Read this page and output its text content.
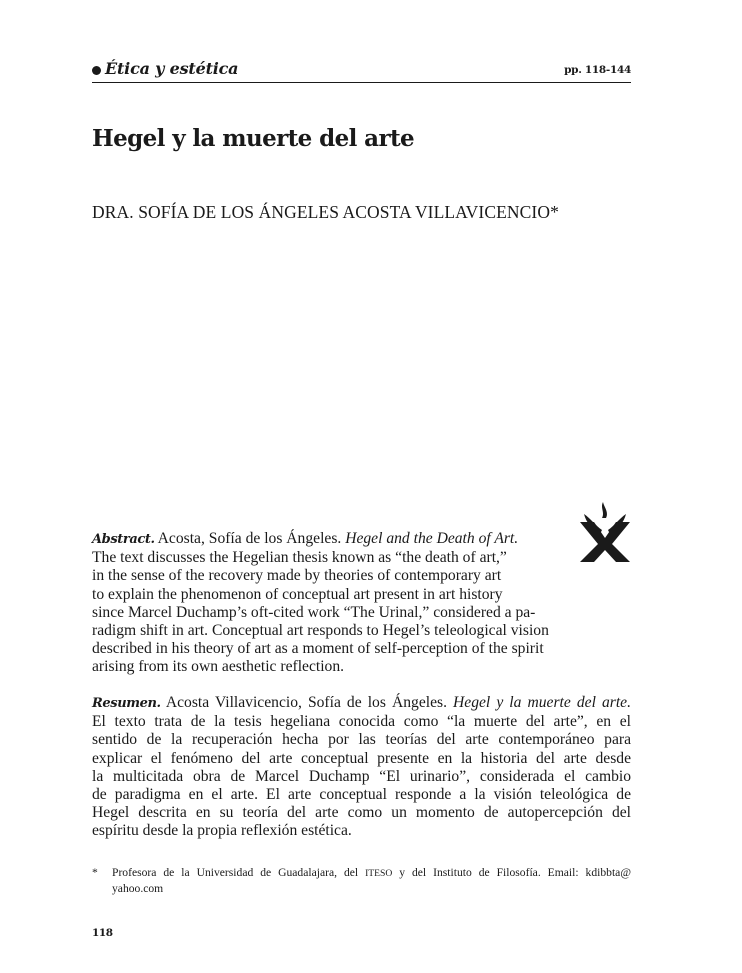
Ética y estética	pp. 118-144
Hegel y la muerte del arte

DRA. SOFÍA DE LOS ÁNGELES ACOSTA VILLAVICENCIO*

Abstract. Acosta, Sofía de los Ángeles. Hegel and the Death of Art.
The text discusses the Hegelian thesis known as “the death of art,”
in the sense of the recovery made by theories of contemporary art
to explain the phenomenon of conceptual art present in art history
since Marcel Duchamp’s oft-cited work “The Urinal,” considered a pa-
radigm shift in art. Conceptual art responds to Hegel’s teleological vision
described in his theory of art as a moment of self-perception of the spirit
arising from its own aesthetic reflection.
Resumen. Acosta Villavicencio, Sofía de los Ángeles. Hegel y la muerte del arte.
El texto trata de la tesis hegeliana conocida como “la muerte del arte”, en el
sentido de la recuperación hecha por las teorías del arte contemporáneo para
explicar el fenómeno del arte conceptual presente en la historia del arte desde
la multicitada obra de Marcel Duchamp “El urinario”, considerada el cambio
de paradigma en el arte. El arte conceptual responde a la visión teleológica de
Hegel descrita en su teoría del arte como un momento de autopercepción del
espíritu desde la propia reflexión estética.
* Profesora de la Universidad de Guadalajara, del ITESO y del Instituto de Filosofía. Email: kdibbta@
yahoo.com
118
